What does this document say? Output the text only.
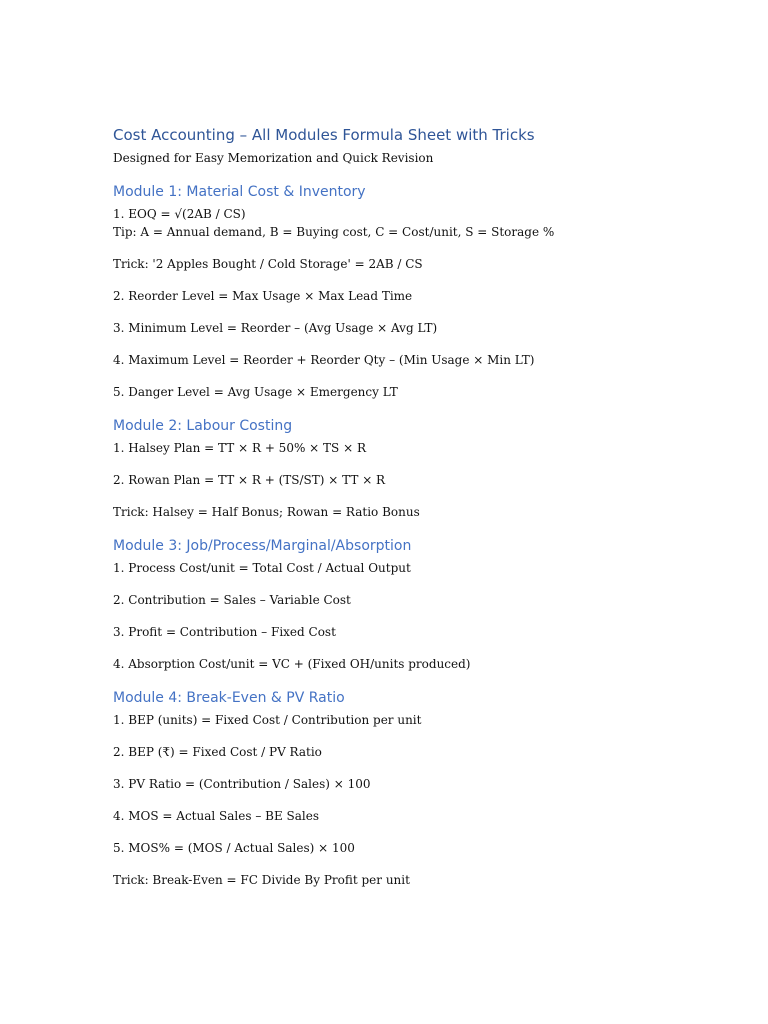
Cost Accounting – All Modules Formula Sheet with Tricks
Designed for Easy Memorization and Quick Revision
Module 1: Material Cost & Inventory
1. EOQ = √(2AB / CS)
Tip: A = Annual demand, B = Buying cost, C = Cost/unit, S = Storage %
Trick: '2 Apples Bought / Cold Storage' = 2AB / CS
2. Reorder Level = Max Usage × Max Lead Time
3. Minimum Level = Reorder – (Avg Usage × Avg LT)
4. Maximum Level = Reorder + Reorder Qty – (Min Usage × Min LT)
5. Danger Level = Avg Usage × Emergency LT
Module 2: Labour Costing
1. Halsey Plan = TT × R + 50% × TS × R
2. Rowan Plan = TT × R + (TS/ST) × TT × R
Trick: Halsey = Half Bonus; Rowan = Ratio Bonus
Module 3: Job/Process/Marginal/Absorption
1. Process Cost/unit = Total Cost / Actual Output
2. Contribution = Sales – Variable Cost
3. Profit = Contribution – Fixed Cost
4. Absorption Cost/unit = VC + (Fixed OH/units produced)
Module 4: Break-Even & PV Ratio
1. BEP (units) = Fixed Cost / Contribution per unit
2. BEP (₹) = Fixed Cost / PV Ratio
3. PV Ratio = (Contribution / Sales) × 100
4. MOS = Actual Sales – BE Sales
5. MOS% = (MOS / Actual Sales) × 100
Trick: Break-Even = FC Divide By Profit per unit
